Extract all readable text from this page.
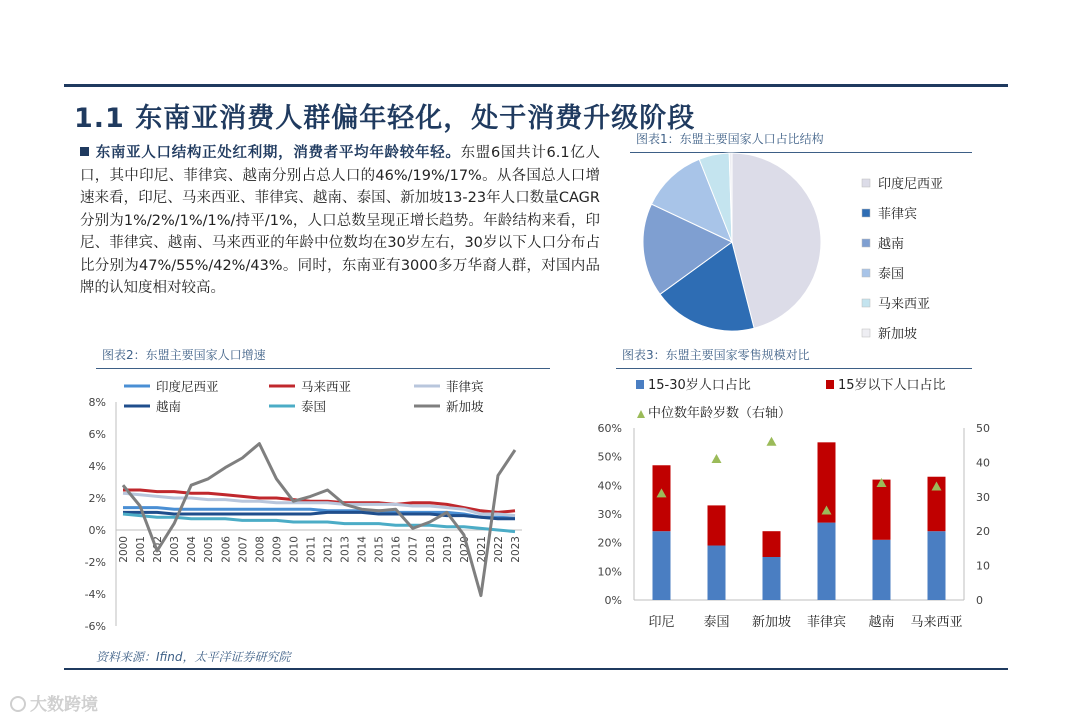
1.1 东南亚消费人群偏年轻化，处于消费升级阶段
东南亚人口结构正处红利期，消费者平均年龄较年轻。东盟6国共计6.1亿人口，其中印尼、菲律宾、越南分别占总人口的46%/19%/17%。从各国总人口增速来看，印尼、马来西亚、菲律宾、越南、泰国、新加坡13-23年人口数量CAGR分别为1%/2%/1%/1%/持平/1%，人口总数呈现正增长趋势。年龄结构来看，印尼、菲律宾、越南、马来西亚的年龄中位数均在30岁左右，30岁以下人口分布占比分别为47%/55%/42%/43%。同时，东南亚有3000多万华裔人群，对国内品牌的认知度相对较高。
图表1：东盟主要国家人口占比结构
图表2：东盟主要国家人口增速	图表3：东盟主要国家零售规模对比
印度尼西亚
菲律宾
越南
泰国
马来西亚
新加坡
印度尼西亚	马来西亚	菲律宾
越南	泰国	新加坡
8%
6%
4%
2%
0%
-2%
-4%
-6%
2000 2001 2002 2003 2004 2005 2006 2007 2008 2009 2010 2011 2012 2013 2014 2015 2016 2017 2018 2019 2020 2021 2022 2023
15-30岁人口占比	15岁以下人口占比
中位数年龄岁数（右轴）
60%
50%
40%
30%
20%
10%
0%
50
40
30
20
10
0
印尼 泰国 新加坡 菲律宾 越南 马来西亚
资料来源：Ifind，太平洋证券研究院
大数跨境
